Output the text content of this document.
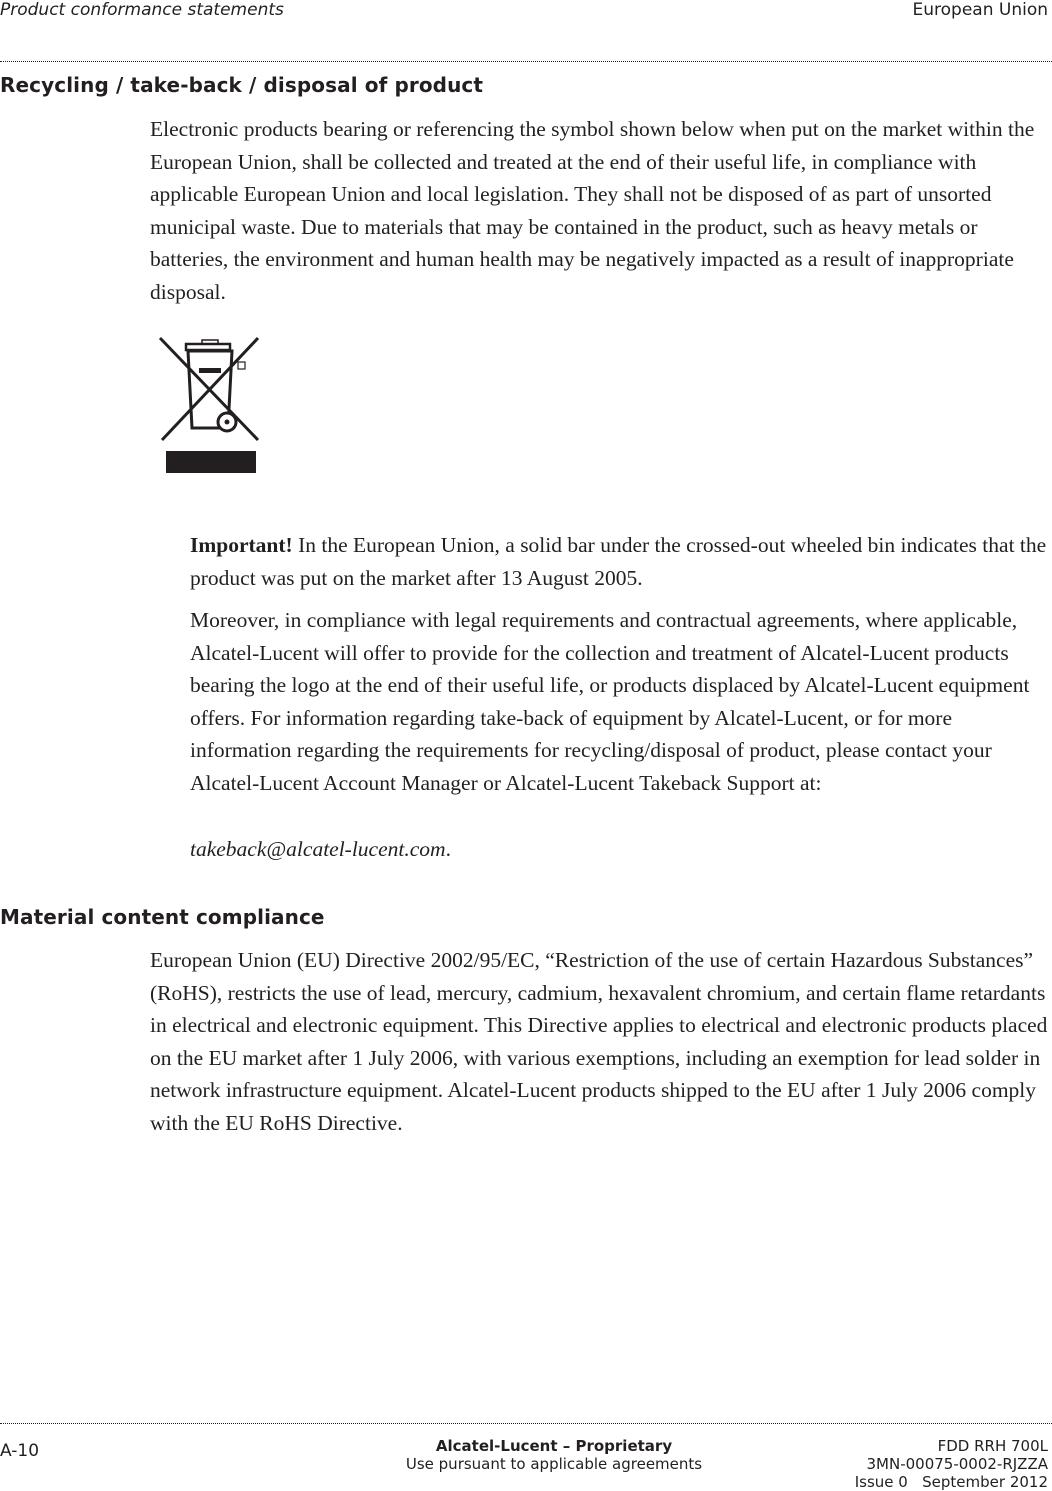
Product conformance statements	European Union
Recycling / take-back / disposal of product

Electronic products bearing or referencing the symbol shown below when put on the market within the European Union, shall be collected and treated at the end of their useful life, in compliance with applicable European Union and local legislation. They shall not be disposed of as part of unsorted municipal waste. Due to materials that may be contained in the product, such as heavy metals or batteries, the environment and human health may be negatively impacted as a result of inappropriate disposal.

Important! In the European Union, a solid bar under the crossed-out wheeled bin indicates that the product was put on the market after 13 August 2005.

Moreover, in compliance with legal requirements and contractual agreements, where applicable, Alcatel-Lucent will offer to provide for the collection and treatment of Alcatel-Lucent products bearing the logo at the end of their useful life, or products displaced by Alcatel-Lucent equipment offers. For information regarding take-back of equipment by Alcatel-Lucent, or for more information regarding the requirements for recycling/disposal of product, please contact your Alcatel-Lucent Account Manager or Alcatel-Lucent Takeback Support at:

takeback@alcatel-lucent.com.

Material content compliance

European Union (EU) Directive 2002/95/EC, “Restriction of the use of certain Hazardous Substances” (RoHS), restricts the use of lead, mercury, cadmium, hexavalent chromium, and certain flame retardants in electrical and electronic equipment. This Directive applies to electrical and electronic products placed on the EU market after 1 July 2006, with various exemptions, including an exemption for lead solder in network infrastructure equipment. Alcatel-Lucent products shipped to the EU after 1 July 2006 comply with the EU RoHS Directive.

A-10	Alcatel-Lucent – Proprietary
Use pursuant to applicable agreements
FDD RRH 700L
3MN-00075-0002-RJZZA
Issue 0   September 2012
